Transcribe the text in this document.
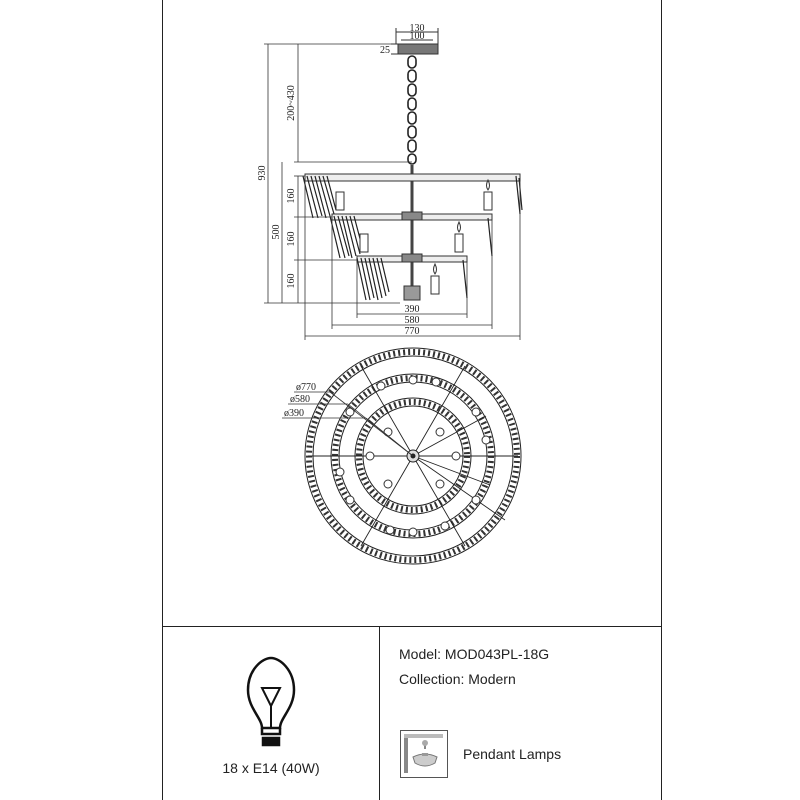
130
100
25
200~430
930
500
160
160
160
390
580
770
ø770
ø580
ø390
Model: MOD043PL-18G
Collection: Modern
Pendant Lamps
18 x E14 (40W)
